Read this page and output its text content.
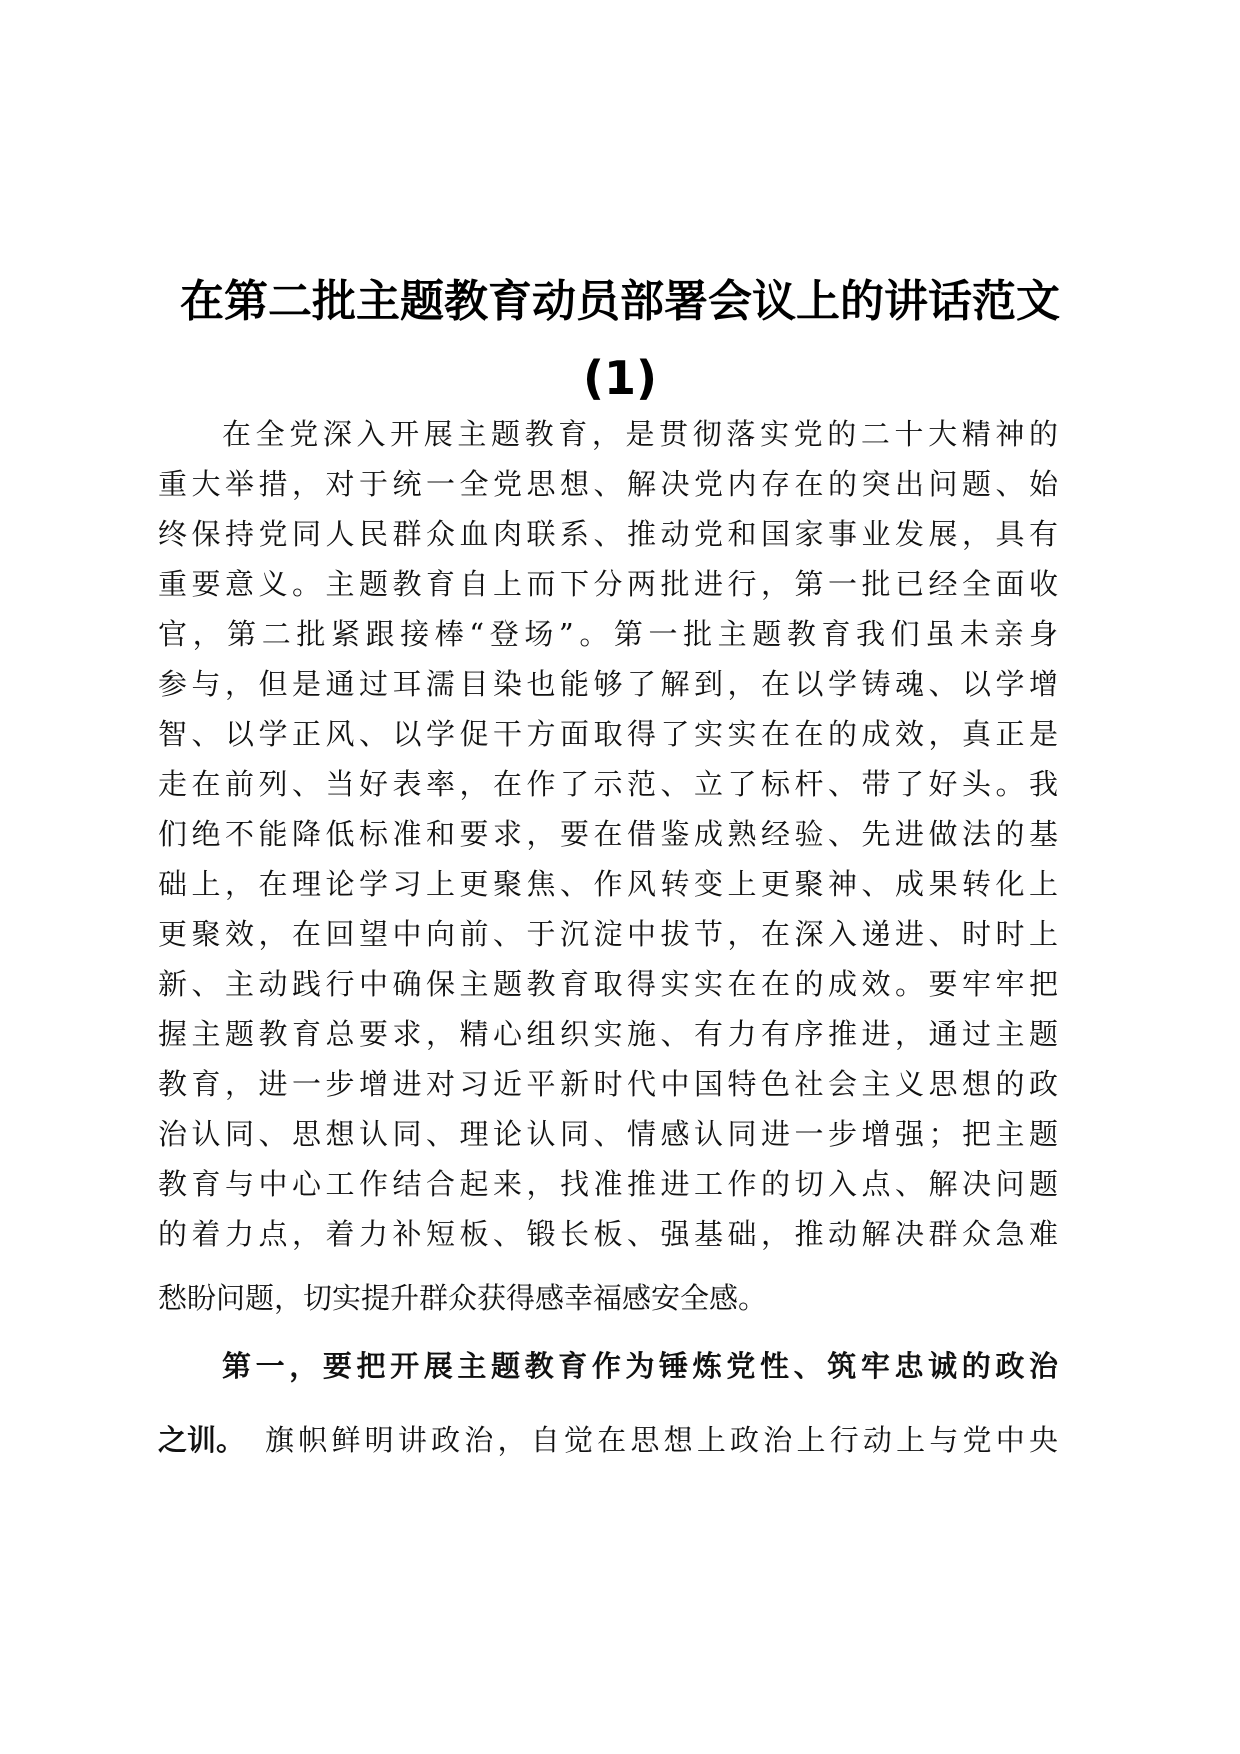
在第二批主题教育动员部署会议上的讲话范文
(1)
在全党深入开展主题教育，是贯彻落实党的二十大精神的
重大举措，对于统一全党思想、解决党内存在的突出问题、始
终保持党同人民群众血肉联系、推动党和国家事业发展，具有
重要意义。主题教育自上而下分两批进行，第一批已经全面收
官，第二批紧跟接棒“登场”。第一批主题教育我们虽未亲身
参与，但是通过耳濡目染也能够了解到，在以学铸魂、以学增
智、以学正风、以学促干方面取得了实实在在的成效，真正是
走在前列、当好表率，在作了示范、立了标杆、带了好头。我
们绝不能降低标准和要求，要在借鉴成熟经验、先进做法的基
础上，在理论学习上更聚焦、作风转变上更聚神、成果转化上
更聚效，在回望中向前、于沉淀中拔节，在深入递进、时时上
新、主动践行中确保主题教育取得实实在在的成效。要牢牢把
握主题教育总要求，精心组织实施、有力有序推进，通过主题
教育，进一步增进对习近平新时代中国特色社会主义思想的政
治认同、思想认同、理论认同、情感认同进一步增强；把主题
教育与中心工作结合起来，找准推进工作的切入点、解决问题
的着力点，着力补短板、锻长板、强基础，推动解决群众急难
愁盼问题，切实提升群众获得感幸福感安全感。
第一，要把开展主题教育作为锤炼党性、筑牢忠诚的政治
之训。 旗帜鲜明讲政治，自觉在思想上政治上行动上与党中央
